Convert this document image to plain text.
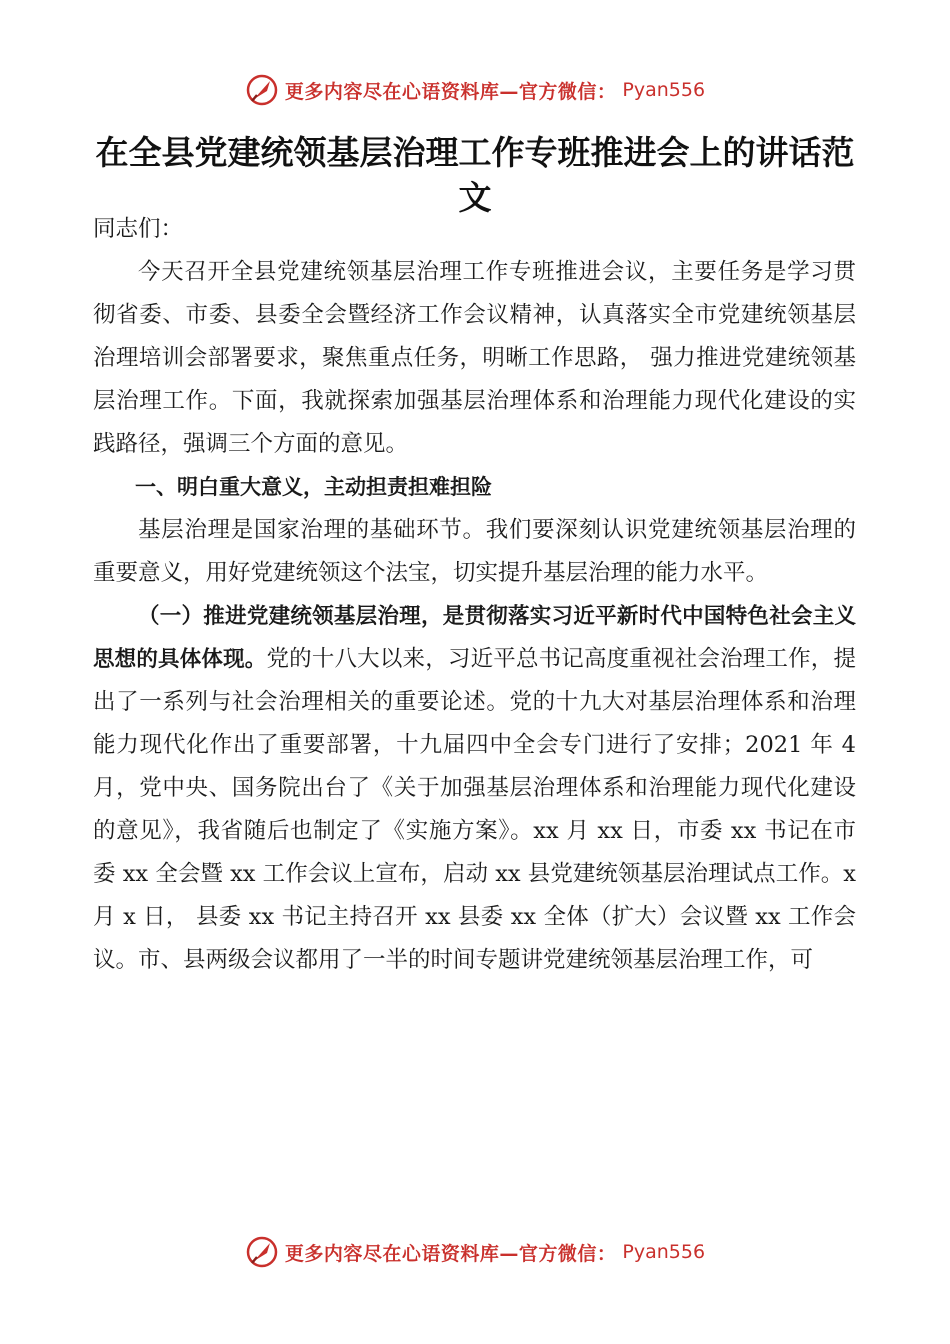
更多内容尽在心语资料库—官方微信： Pyan556
在全县党建统领基层治理工作专班推进会上的讲话范文

同志们：

今天召开全县党建统领基层治理工作专班推进会议，主要任务是学习贯彻省委、市委、县委全会暨经济工作会议精神，认真落实全市党建统领基层治理培训会部署要求，聚焦重点任务，明晰工作思路， 强力推进党建统领基层治理工作。下面，我就探索加强基层治理体系和治理能力现代化建设的实践路径，强调三个方面的意见。

一、明白重大意义，主动担责担难担险

基层治理是国家治理的基础环节。我们要深刻认识党建统领基层治理的重要意义，用好党建统领这个法宝，切实提升基层治理的能力水平。

（一）推进党建统领基层治理，是贯彻落实习近平新时代中国特色社会主义思想的具体体现。党的十八大以来，习近平总书记高度重视社会治理工作，提出了一系列与社会治理相关的重要论述。党的十九大对基层治理体系和治理能力现代化作出了重要部署，十九届四中全会专门进行了安排；2021 年 4 月，党中央、国务院出台了《关于加强基层治理体系和治理能力现代化建设的意见》，我省随后也制定了《实施方案》。xx 月 xx 日，市委 xx 书记在市委 xx 全会暨 xx 工作会议上宣布，启动 xx 县党建统领基层治理试点工作。x 月 x 日， 县委 xx 书记主持召开 xx 县委 xx 全体（扩大）会议暨 xx 工作会议。市、县两级会议都用了一半的时间专题讲党建统领基层治理工作，可

更多内容尽在心语资料库—官方微信： Pyan556
